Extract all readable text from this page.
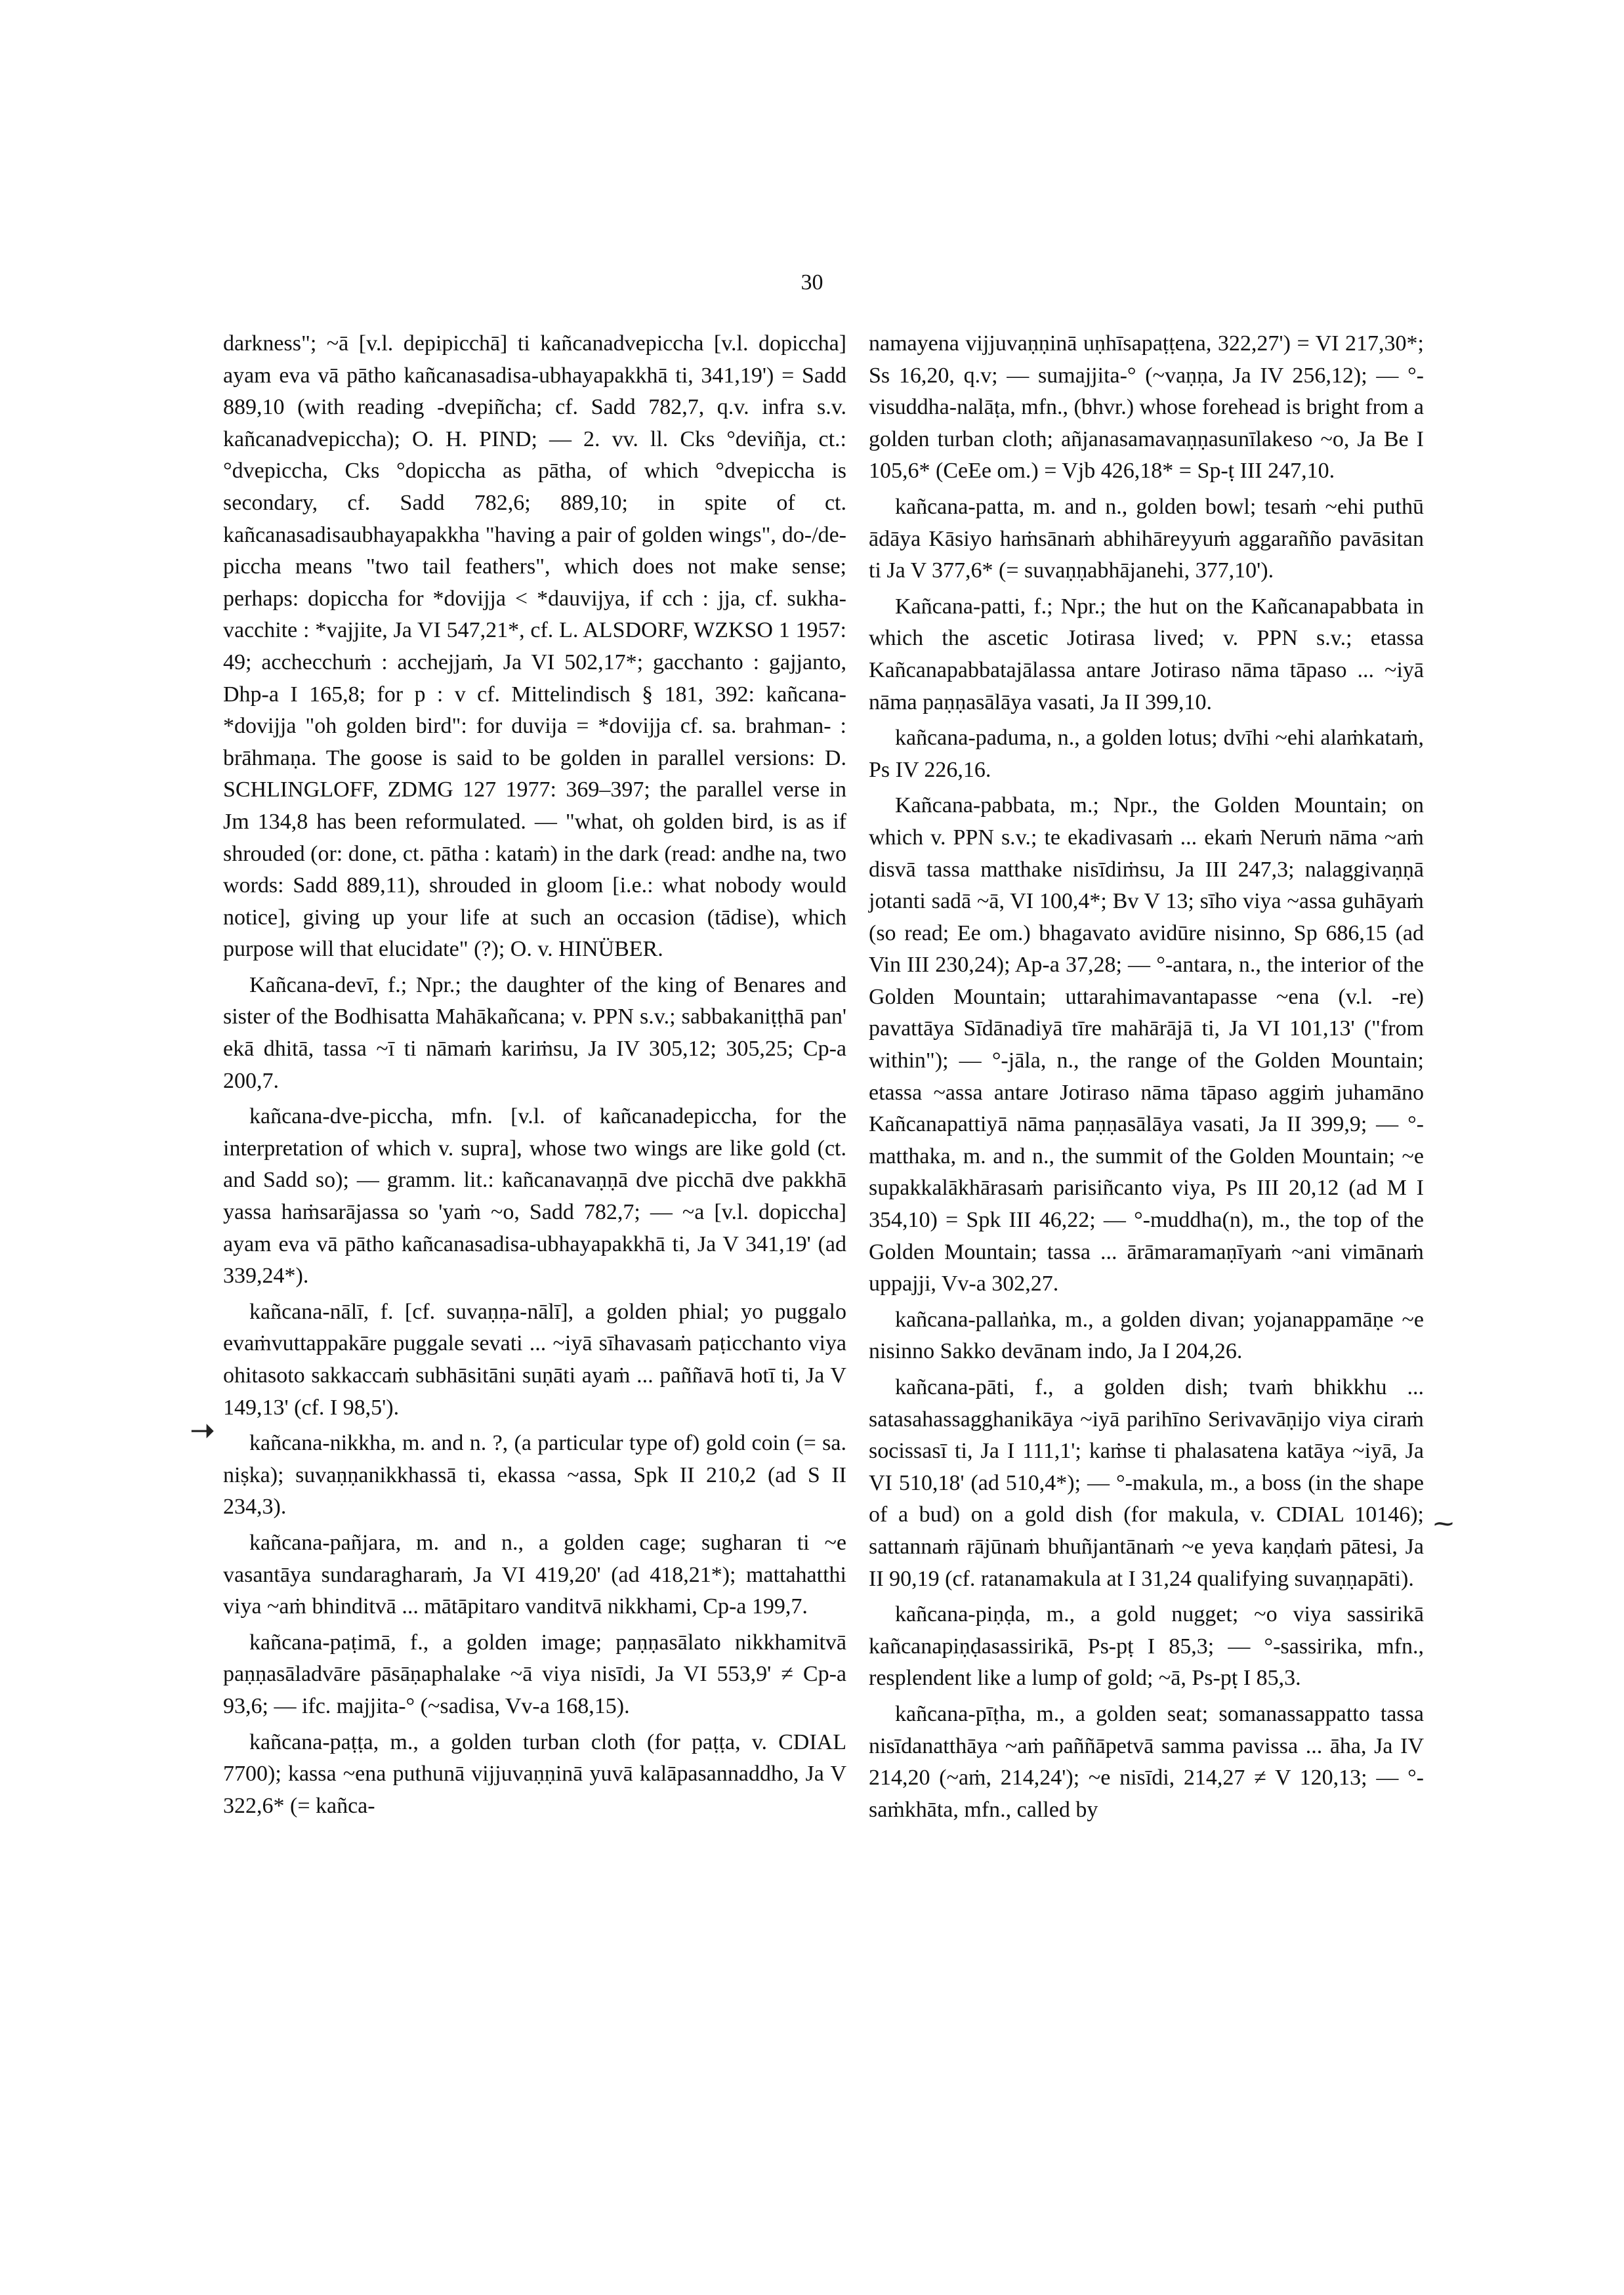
30

darkness"; ~ā [v.l. depipicchā] ti kañcanadvepiccha [v.l. dopiccha] ayam eva vā pātho kañcanasadisa-ubhayapakkhā ti, 341,19') = Sadd 889,10 (with reading -dvepiñcha; cf. Sadd 782,7, q.v. infra s.v. kañcanadvepiccha); O. H. PIND; — 2. vv. ll. Cks °deviñja, ct.: °dvepiccha, Cks °dopiccha as pātha, of which °dvepiccha is secondary, cf. Sadd 782,6; 889,10; in spite of ct. kañcanasadisaubhayapakkha "having a pair of golden wings", do-/de-piccha means "two tail feathers", which does not make sense; perhaps: dopiccha for *dovijja < *dauvijya, if cch : jja, cf. sukha-vacchite : *vajjite, Ja VI 547,21*, cf. L. ALSDORF, WZKSO 1 1957: 49; acchecchuṁ : acchejjaṁ, Ja VI 502,17*; gacchanto : gajjanto, Dhp-a I 165,8; for p : v cf. Mittelindisch § 181, 392: kañcana-*dovijja "oh golden bird": for duvija = *dovijja cf. sa. brahman- : brāhmaṇa. The goose is said to be golden in parallel versions: D. SCHLINGLOFF, ZDMG 127 1977: 369–397; the parallel verse in Jm 134,8 has been reformulated. — "what, oh golden bird, is as if shrouded (or: done, ct. pātha : kataṁ) in the dark (read: andhe na, two words: Sadd 889,11), shrouded in gloom [i.e.: what nobody would notice], giving up your life at such an occasion (tādise), which purpose will that elucidate" (?); O. v. HINÜBER.

Kañcana-devī, f.; Npr.; the daughter of the king of Benares and sister of the Bodhisatta Mahākañcana; v. PPN s.v.; sabbakaniṭṭhā pan' ekā dhitā, tassa ~ī ti nāmaṁ kariṁsu, Ja IV 305,12; 305,25; Cp-a 200,7.

kañcana-dve-piccha, mfn. [v.l. of kañcanadepiccha, for the interpretation of which v. supra], whose two wings are like gold (ct. and Sadd so); — gramm. lit.: kañcanavaṇṇā dve picchā dve pakkhā yassa haṁsarājassa so 'yaṁ ~o, Sadd 782,7; — ~a [v.l. dopiccha] ayam eva vā pātho kañcanasadisa-ubhayapakkhā ti, Ja V 341,19' (ad 339,24*).

kañcana-nālī, f. [cf. suvaṇṇa-nālī], a golden phial; yo puggalo evaṁvuttappakāre puggale sevati ... ~iyā sīhavasaṁ paṭicchanto viya ohitasoto sakkaccaṁ subhāsitāni suṇāti ayaṁ ... paññavā hotī ti, Ja V 149,13' (cf. I 98,5').

kañcana-nikkha, m. and n. ?, (a particular type of) gold coin (= sa. niṣka); suvaṇṇanikkhassā ti, ekassa ~assa, Spk II 210,2 (ad S II 234,3).

kañcana-pañjara, m. and n., a golden cage; sugharan ti ~e vasantāya sundaragharaṁ, Ja VI 419,20' (ad 418,21*); mattahatthi viya ~aṁ bhinditvā ... mātāpitaro vanditvā nikkhami, Cp-a 199,7.

kañcana-paṭimā, f., a golden image; paṇṇasālato nikkhamitvā paṇṇasāladvāre pāsāṇaphalake ~ā viya nisīdi, Ja VI 553,9' ≠ Cp-a 93,6; — ifc. majjita-° (~sadisa, Vv-a 168,15).

kañcana-paṭṭa, m., a golden turban cloth (for paṭṭa, v. CDIAL 7700); kassa ~ena puthunā vijjuvaṇṇinā yuvā kalāpasannaddho, Ja V 322,6* (= kañca-

namayena vijjuvaṇṇinā uṇhīsapaṭṭena, 322,27') = VI 217,30*; Ss 16,20, q.v; — sumajjita-° (~vaṇṇa, Ja IV 256,12); — °-visuddha-nalāṭa, mfn., (bhvr.) whose forehead is bright from a golden turban cloth; añjanasamavaṇṇasunīlakeso ~o, Ja Be I 105,6* (CeEe om.) = Vjb 426,18* = Sp-ṭ III 247,10.

kañcana-patta, m. and n., golden bowl; tesaṁ ~ehi puthū ādāya Kāsiyo haṁsānaṁ abhihāreyyuṁ aggarañño pavāsitan ti Ja V 377,6* (= suvaṇṇabhājanehi, 377,10').

Kañcana-patti, f.; Npr.; the hut on the Kañcanapabbata in which the ascetic Jotirasa lived; v. PPN s.v.; etassa Kañcanapabbatajālassa antare Jotiraso nāma tāpaso ... ~iyā nāma paṇṇasālāya vasati, Ja II 399,10.

kañcana-paduma, n., a golden lotus; dvīhi ~ehi alaṁkataṁ, Ps IV 226,16.

Kañcana-pabbata, m.; Npr., the Golden Mountain; on which v. PPN s.v.; te ekadivasaṁ ... ekaṁ Neruṁ nāma ~aṁ disvā tassa matthake nisīdiṁsu, Ja III 247,3; nalaggivaṇṇā jotanti sadā ~ā, VI 100,4*; Bv V 13; sīho viya ~assa guhāyaṁ (so read; Ee om.) bhagavato avidūre nisinno, Sp 686,15 (ad Vin III 230,24); Ap-a 37,28; — °-antara, n., the interior of the Golden Mountain; uttarahimavantapasse ~ena (v.l. -re) pavattāya Sīdānadiyā tīre mahārājā ti, Ja VI 101,13' ("from within"); — °-jāla, n., the range of the Golden Mountain; etassa ~assa antare Jotiraso nāma tāpaso aggiṁ juhamāno Kañcanapattiyā nāma paṇṇasālāya vasati, Ja II 399,9; — °-matthaka, m. and n., the summit of the Golden Mountain; ~e supakkalākhārasaṁ parisiñcanto viya, Ps III 20,12 (ad M I 354,10) = Spk III 46,22; — °-muddha(n), m., the top of the Golden Mountain; tassa ... ārāmaramaṇīyaṁ ~ani vimānaṁ uppajji, Vv-a 302,27.

kañcana-pallaṅka, m., a golden divan; yojanappamāṇe ~e nisinno Sakko devānam indo, Ja I 204,26.

kañcana-pāti, f., a golden dish; tvaṁ bhikkhu ... satasahassagghanikāya ~iyā parihīno Serivavāṇijo viya ciraṁ socissasī ti, Ja I 111,1'; kaṁse ti phalasatena katāya ~iyā, Ja VI 510,18' (ad 510,4*); — °-makula, m., a boss (in the shape of a bud) on a gold dish (for makula, v. CDIAL 10146); sattannaṁ rājūnaṁ bhuñjantānaṁ ~e yeva kaṇḍaṁ pātesi, Ja II 90,19 (cf. ratanamakula at I 31,24 qualifying suvaṇṇapāti).

kañcana-piṇḍa, m., a gold nugget; ~o viya sassirikā kañcanapiṇḍasassirikā, Ps-pṭ I 85,3; — °-sassirika, mfn., resplendent like a lump of gold; ~ā, Ps-pṭ I 85,3.

kañcana-pīṭha, m., a golden seat; somanassappatto tassa nisīdanatthāya ~aṁ paññāpetvā samma pavissa ... āha, Ja IV 214,20 (~aṁ, 214,24'); ~e nisīdi, 214,27 ≠ V 120,13; — °-saṁkhāta, mfn., called by

➝
⁓
